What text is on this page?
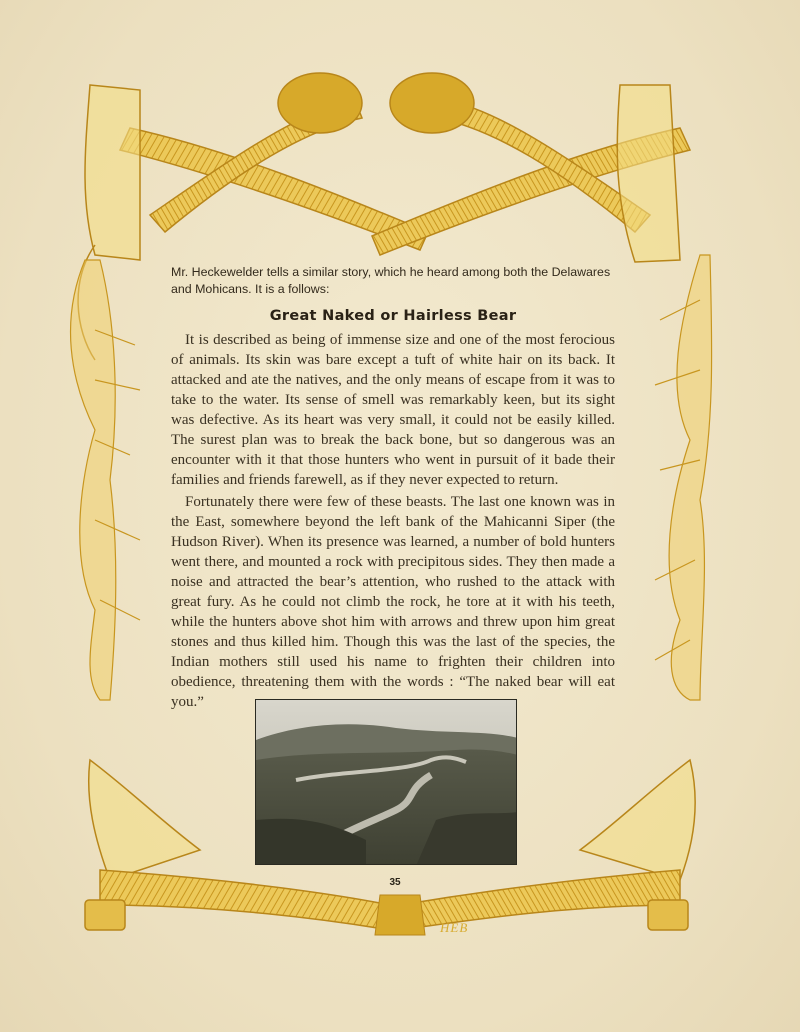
Mr. Heckewelder tells a similar story, which he heard among both the Delawares and Mohicans. It is a follows:

Great Naked or Hairless Bear

It is described as being of immense size and one of the most ferocious of animals. Its skin was bare except a tuft of white hair on its back. It attacked and ate the natives, and the only means of escape from it was to take to the water. Its sense of smell was remarkably keen, but its sight was defective. As its heart was very small, it could not be easily killed. The surest plan was to break the back bone, but so dangerous was an encounter with it that those hunters who went in pursuit of it bade their families and friends farewell, as if they never expected to return.

Fortunately there were few of these beasts. The last one known was in the East, somewhere beyond the left bank of the Mahicanni Siper (the Hudson River). When its presence was learned, a number of bold hunters went there, and mounted a rock with precipitous sides. They then made a noise and attracted the bear’s attention, who rushed to the attack with great fury. As he could not climb the rock, he tore at it with his teeth, while the hunters above shot him with arrows and threw upon him great stones and thus killed him. Though this was the last of the species, the Indian mothers still used his name to frighten their children into obedience, threatening them with the words : “The naked bear will eat you.”

35
HEB
